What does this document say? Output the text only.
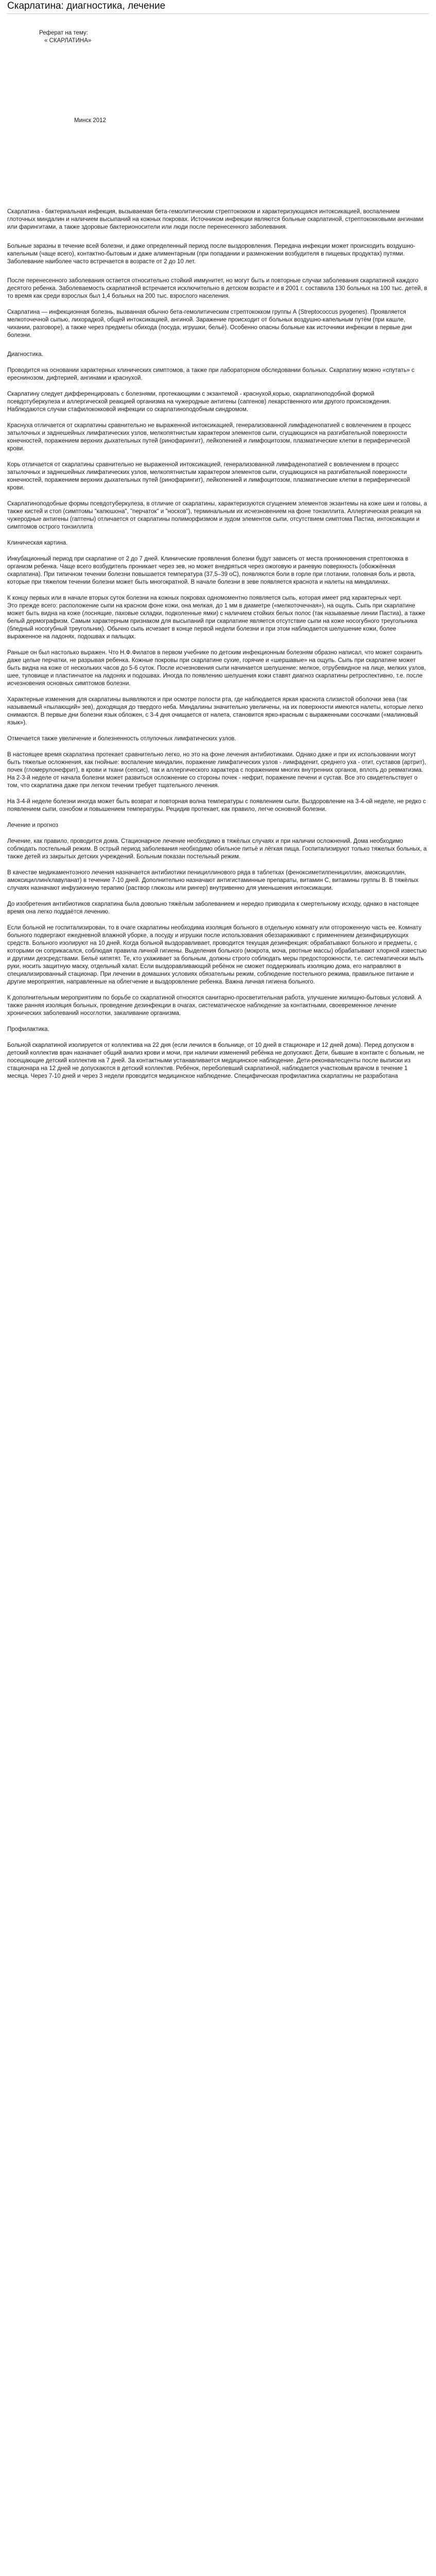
Скарлатина: диагностика, лечение
Реферат на тему:
« СКАРЛАТИНА»
Минск 2012

Скарлатина - бактериальная инфекция, вызываемая бета-гемолитическим стрептококком и характеризующаяся интоксикацией, воспалением глоточных миндалин и наличием высыпаний на кожных покровах. Источником инфекции являются больные скарлатиной, стрептококковыми ангинами или фарингитами, а также здоровые бактерионосители или люди после перенесенного заболевания.

Больные заразны в течение всей болезни, и даже определенный период после выздоровления. Передача инфекции может происходить воздушно-капельным (чаще всего), контактно-бытовым и даже алиментарным (при попадании и размножении возбудителя в пищевых продуктах) путями. Заболевание наиболее часто встречается в возрасте от 2 до 10 лет.

После перенесенного заболевания остается относительно стойкий иммунитет, но могут быть и повторные случаи заболевания скарлатиной каждого десятого ребенка. Заболеваемость скарлатиной встречается исключительно в детском возрасте и в 2001 г. составила 130 больных на 100 тыс. детей, в то время как среди взрослых был 1,4 больных на 200 тыс. взрослого населения.

Скарлатина — инфекционная болезнь, вызванная обычно бета-гемолитическим стрептококком группы А (Streptococcus pyogenes). Проявляется мелкоточечной сыпью, лихорадкой, общей интоксикацией, ангиной. Заражение происходит от больных воздушно-капельным путём (при кашле, чихании, разговоре), а также через предметы обихода (посуда, игрушки, бельё). Особенно опасны больные как источники инфекции в первые дни болезни.

Диагностика.

Проводится на основании характерных клинических симптомов, а также при лабораторном обследовании больных. Скарлатину можно «спутать» с ереснинозом, дифтерией, ангинами и краснухой.

Скарлатину следует дифференцировать с болезнями, протекающими с экзантемой - краснухой,корью, скарлатиноподобной формой псевдотуберкулеза и аллергической реакцией организма на чужеродные антигены (сапгенов) лекарственного или другого происхождения. Наблюдаются случаи стафилококковой инфекции со скарлатиноподобным синдромом.

Краснуха отличается от скарлатины сравнительно не выраженной интоксикацией, генерализованной лимфаденопатией с вовлечением в процесс затылочных и заднешейных лимфатических узлов, мелкопятнистым характером элементов сыпи, сгущающихся на разгибательной поверхности конечностей, поражением верхних дыхательных путей (ринофарингит), лейкопенией и лимфоцитозом, плазматические клетки в периферической крови.

Корь отличается от скарлатины сравнительно не выраженной интоксикацией, генерализованной лимфаденопатией с вовлечением в процесс затылочных и заднешейных лимфатических узлов, мелкопятнистым характером элементов сыпи, сгущающихся на разгибательной поверхности конечностей, поражением верхних дыхательных путей (ринофарингит), лейкопенией и лимфоцитозом, плазматические клетки в периферической крови.

Скарлатиноподобные формы псевдотуберкулеза, в отличие от скарлатины, характеризуются сгущением элементов экзантемы на коже шеи и головы, а также кистей и стоп (симптомы "капюшона", "перчаток" и "носков"), терминальным их исчезновением на фоне тонзиллита. Аллергическая реакция на чужеродные антигены (гаптены) отличается от скарлатины полиморфизмом и зудом элементов сыпи, отсутствием симптома Пастиа, интоксикации и симптомов острого тонзиллита

Клиническая картина.

Инкубационный период при скарлатине от 2 до 7 дней. Клинические проявления болезни будут зависеть от места проникновения стрептококка в организм ребенка. Чаще всего возбудитель проникает через зев, но может внедряться через ожоговую и раневую поверхность (обожжённая скарлатина). При типичном течении болезни повышается температура (37,5–39 оС), появляются боли в горле при глотании, головная боль и рвота, которые при тяжелом течении болезни может быть многократной. В начале болезни в зеве появляется краснота и налеты на миндалинах.

К концу первых или в начале вторых суток болезни на кожных покровах одномоментно появляется сыпь, которая имеет ряд характерных черт.
Это прежде всего: расположение сыпи на красном фоне кожи, она мелкая, до 1 мм в диаметре («мелкоточечная»), на ощупь. Сыпь при скарлатине может быть видна на коже (лоснящие, паховые складки, подколенные ямки) с наличием стойких белых полос (так называемые линии Пастиа), а также белый дермографизм. Самым характерным признаком для высыпаний при скарлатине является отсутствие сыпи на коже носогубного треугольника (бледный носогубный треугольник). Обычно сыпь исчезает в конце первой недели болезни и при этом наблюдается шелушение кожи, более выраженное на ладонях, подошвах и пальцах.

Раньше он был настолько выражен. Что Н.Ф.Филатов в первом учебнике по детским инфекционным болезням образно написал, что может сохранить даже целые перчатки, не разрывая ребенка. Кожные покровы при скарлатине сухие, горячие и «шершавые» на ощупь. Сыпь при скарлатине может быть видна на коже от нескольких часов до 5-6 суток. После исчезновения сыпи начинается шелушение: мелкое, отрубевидное на лице, мелких узлов, шее, туловище и пластинчатое на ладонях и подошвах. Иногда по появлению шелушения кожи ставят диагноз скарлатины ретроспективно, т.е. после исчезновения основных симптомов болезни.

Характерные изменения для скарлатины выявляются и при осмотре полости рта, где наблюдается яркая краснота слизистой оболочки зева (так называемый «пылающий» зев), доходящая до твердого неба. Миндалины значительно увеличены, на их поверхности имеются налеты, которые легко снимаются. В первые дни болезни язык обложен, с 3-4 дня очищается от налета, становится ярко-красным с выраженными сосочками («малиновый язык»).

Отмечается также увеличение и болезненность отлупочных лимфатических узлов.

В настоящее время скарлатина протекает сравнительно легко, но это на фоне лечения антибиотиками. Однако даже и при их использовании могут быть тяжелые осложнения, как гнойные: воспаление миндалин, поражение лимфатических узлов - лимфаденит, среднего уха - отит, суставов (артрит), почек (гломерулонефрит), в крови и ткани (сепсис), так и аллергического характера с поражением многих внутренних органов, вплоть до ревматизма. На 2-3-й неделе от начала болезни может развиться осложнение со стороны почек - нефрит, поражение печени и сустав. Все это свидетельствует о том, что скарлатина даже при легком течении требует тщательного лечения.

На 3-4-й неделе болезни иногда может быть возврат и повторная волна температуры с появлением сыпи. Выздоровление на 3-4-ой неделе, не редко с появлением сыпи, ознобом и повышением температуры. Рецидив протекает, как правило, легче основной болезни.

Лечение и прогноз

Лечение, как правило, проводится дома. Стационарное лечение необходимо в тяжёлых случаях и при наличии осложнений. Дома необходимо соблюдать постельный режим. В острый период заболевания необходимо обильное питьё и лёгкая пища. Госпитализируют только тяжелых больных, а также детей из закрытых детских учреждений. Больным показан постельный режим.

В качестве медикаментозного лечения назначается антибиотики пенициллинового ряда в таблетках (феноксиметилпенициллин, амоксициллин, амоксициллин/клавуланат) в течение 7-10 дней. Дополнительно назначают антигистаминные препараты, витамин С, витамины группы В. В тяжёлых случаях назначают инфузионную терапию (раствор глюкозы или рингер) внутривенно для уменьшения интоксикации.

До изобретения антибиотиков скарлатина была довольно тяжёлым заболеванием и нередко приводила к смертельному исходу, однако в настоящее время она легко поддаётся лечению.

Если больной не госпитализирован, то в очаге скарлатины необходима изоляция больного в отдельную комнату или отгороженную часть ее. Комнату больного подвергают ежедневной влажной уборке, а посуду и игрушки после использования обеззараживают с применением дезинфицирующих средств. Больного изолируют на 10 дней. Когда больной выздоравливает, проводится текущая дезинфекция: обрабатывают больного и предметы, с которыми он соприкасался, соблюдая правила личной гигиены. Выделения больного (мокрота, моча, рвотные массы) обрабатывают хлорной известью и другими дезсредствами. Бельё кипятят. Те, кто ухаживает за больным, должны строго соблюдать меры предосторожности, т.е. систематически мыть руки, носить защитную маску, отдельный халат. Если выздоравливающий ребёнок не сможет поддерживать изоляцию дома, его направляют в специализированный стационар. При лечении в домашних условиях обязательны режим, соблюдение постельного режима, правильное питание и другие мероприятия, направленные на облегчение и выздоровление ребенка. Важна личная гигиена больного.

К дополнительным мероприятиям по борьбе со скарлатиной относятся санитарно-просветительная работа, улучшение жилищно-бытовых условий. А также ранняя изоляция больных, проведение дезинфекции в очагах, систематическое наблюдение за контактными, своевременное лечение хронических заболеваний носоглотки, закаливание организма.

Профилактика.

Больной скарлатиной изолируется от коллектива на 22 дня (если лечился в больнице, от 10 дней в стационаре и 12 дней дома). Перед допуском в детский коллектив врач назначает общий анализ крови и мочи, при наличии изменений ребёнка не допускают. Дети, бывшие в контакте с больным, не посещающие детский коллектив на 7 дней. За контактными устанавливается медицинское наблюдение. Дети-реконвалесценты после выписки из стационара на 12 дней не допускаются в детский коллектив. Ребёнок, переболевший скарлатиной, наблюдается участковым врачом в течение 1 месяца. Через 7-10 дней и через 3 недели проводится медицинское наблюдение. Специфическая профилактика скарлатины не разработана
